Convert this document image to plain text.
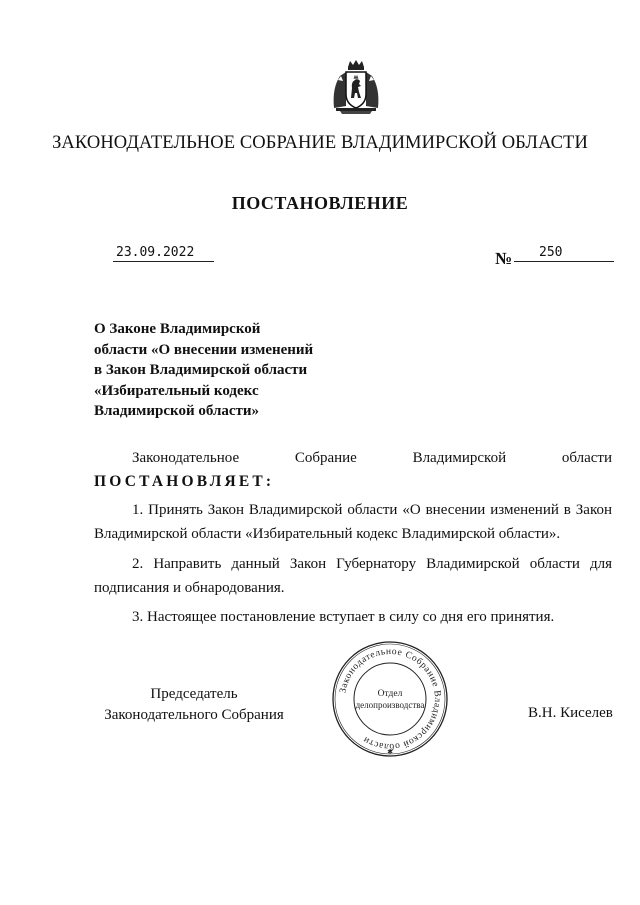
ЗАКОНОДАТЕЛЬНОЕ СОБРАНИЕ ВЛАДИМИРСКОЙ ОБЛАСТИ
ПОСТАНОВЛЕНИЕ
23.09.2022	№	250
О Законе Владимирской
области «О внесении изменений
в Закон Владимирской области
«Избирательный кодекс
Владимирской области»
Законодательное	Собрание	Владимирской	области
ПОСТАНОВЛЯЕТ:
1. Принять Закон Владимирской области «О внесении изменений в Закон Владимирской области «Избирательный кодекс Владимирской области».
2. Направить данный Закон Губернатору Владимирской области для подписания и обнародования.
3. Настоящее постановление вступает в силу со дня его принятия.
Председатель
Законодательного Собрания
Законодательное Собрание Владимирской области
Отдел
делопроизводства
✱
В.Н. Киселев
